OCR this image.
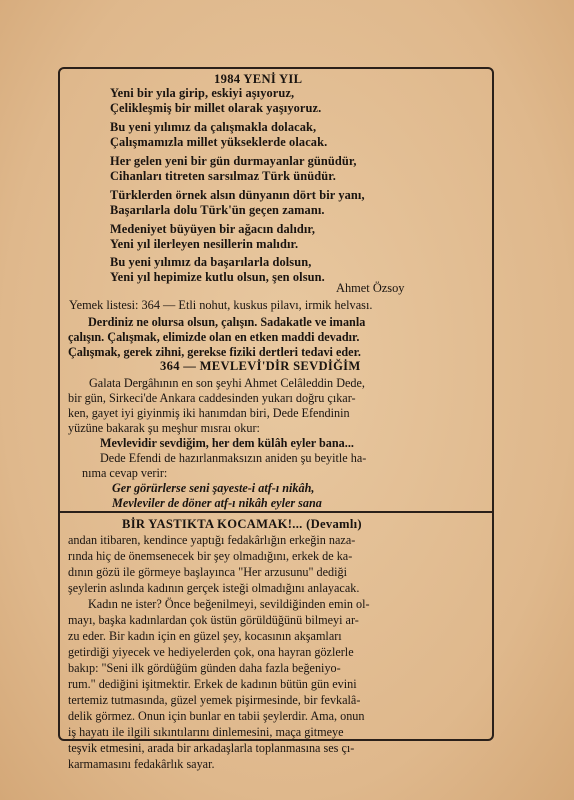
1984 YENİ YIL
Yeni bir yıla girip, eskiyi aşıyoruz,
Çelikleşmiş bir millet olarak yaşıyoruz.
Bu yeni yılımız da çalışmakla dolacak,
Çalışmamızla millet yükseklerde olacak.
Her gelen yeni bir gün durmayanlar günüdür,
Cihanları titreten sarsılmaz Türk ünüdür.
Türklerden örnek alsın dünyanın dört bir yanı,
Başarılarla dolu Türk'ün geçen zamanı.
Medeniyet büyüyen bir ağacın dalıdır,
Yeni yıl ilerleyen nesillerin malıdır.
Bu yeni yılımız da başarılarla dolsun,
Yeni yıl hepimize kutlu olsun, şen olsun.
Ahmet Özsoy
Yemek listesi: 364 — Etli nohut, kuskus pilavı, irmik helvası.
Derdiniz ne olursa olsun, çalışın. Sadakatle ve imanla
çalışın. Çalışmak, elimizde olan en etken maddi devadır.
Çalışmak, gerek zihni, gerekse fiziki dertleri tedavi eder.
364 — MEVLEVİ'DİR SEVDİĞİM
Galata Dergâhının en son şeyhi Ahmet Celâleddin Dede,
bir gün, Sirkeci'de Ankara caddesinden yukarı doğru çıkar-
ken, gayet iyi giyinmiş iki hanımdan biri, Dede Efendinin
yüzüne bakarak şu meşhur mısraı okur:
Mevlevidir sevdiğim, her dem külâh eyler bana...
Dede Efendi de hazırlanmaksızın aniden şu beyitle ha-
nıma cevap verir:
Ger görürlerse seni şayeste-i atf-ı nikâh,
Mevleviler de döner atf-ı nikâh eyler sana
BİR YASTIKTA KOCAMAK!... (Devamlı)
andan itibaren, kendince yaptığı fedakârlığın erkeğin naza-
rında hiç de önemsenecek bir şey olmadığını, erkek de ka-
dının gözü ile görmeye başlayınca "Her arzusunu" dediği
şeylerin aslında kadının gerçek isteği olmadığını anlayacak.
Kadın ne ister? Önce beğenilmeyi, sevildiğinden emin ol-
mayı, başka kadınlardan çok üstün görüldüğünü bilmeyi ar-
zu eder. Bir kadın için en güzel şey, kocasının akşamları
getirdiği yiyecek ve hediyelerden çok, ona hayran gözlerle
bakıp: "Seni ilk gördüğüm günden daha fazla beğeniyo-
rum." dediğini işitmektir. Erkek de kadının bütün gün evini
tertemiz tutmasında, güzel yemek pişirmesinde, bir fevkalâ-
delik görmez. Onun için bunlar en tabii şeylerdir. Ama, onun
iş hayatı ile ilgili sıkıntılarını dinlemesini, maça gitmeye
teşvik etmesini, arada bir arkadaşlarla toplanmasına ses çı-
karmamasını fedakârlık sayar.
